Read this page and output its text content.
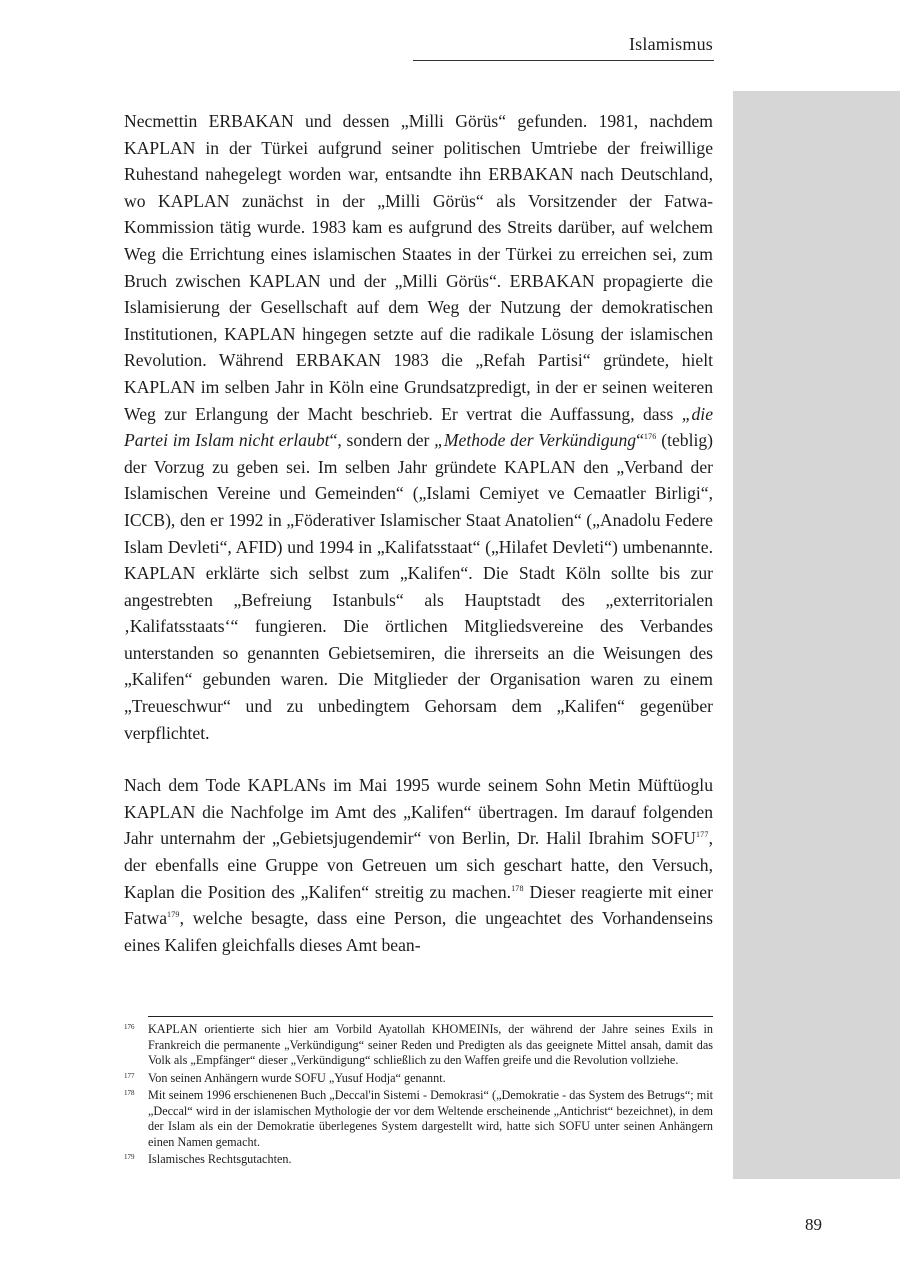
Islamismus

Necmettin ERBAKAN und dessen „Milli Görüs“ gefunden. 1981, nachdem KAPLAN in der Türkei aufgrund seiner politischen Umtriebe der freiwillige Ruhestand nahegelegt worden war, entsandte ihn ERBAKAN nach Deutschland, wo KAPLAN zunächst in der „Milli Görüs“ als Vorsitzender der Fatwa-Kommission tätig wurde. 1983 kam es aufgrund des Streits darüber, auf welchem Weg die Errichtung eines islamischen Staates in der Türkei zu erreichen sei, zum Bruch zwischen KAPLAN und der „Milli Görüs“. ERBAKAN propagierte die Islamisierung der Gesellschaft auf dem Weg der Nutzung der demokratischen Institutionen, KAPLAN hingegen setzte auf die radikale Lösung der islamischen Revolution. Während ERBAKAN 1983 die „Refah Partisi“ gründete, hielt KAPLAN im selben Jahr in Köln eine Grundsatzpredigt, in der er seinen weiteren Weg zur Erlangung der Macht beschrieb. Er vertrat die Auffassung, dass „die Partei im Islam nicht erlaubt“, sondern der „Methode der Verkündigung“$^{176}$ (teblig) der Vorzug zu geben sei. Im selben Jahr gründete KAPLAN den „Verband der Islamischen Vereine und Gemeinden“ („Islami Cemiyet ve Cemaatler Birligi“, ICCB), den er 1992 in „Föderativer Islamischer Staat Anatolien“ („Anadolu Federe Islam Devleti“, AFID) und 1994 in „Kalifatsstaat“ („Hilafet Devleti“) umbenannte. KAPLAN erklärte sich selbst zum „Kalifen“. Die Stadt Köln sollte bis zur angestrebten „Befreiung Istanbuls“ als Hauptstadt des „exterritorialen ‚Kalifatsstaats‘“ fungieren. Die örtlichen Mitgliedsvereine des Verbandes unterstanden so genannten Gebietsemiren, die ihrerseits an die Weisungen des „Kalifen“ gebunden waren. Die Mitglieder der Organisation waren zu einem „Treueschwur“ und zu unbedingtem Gehorsam dem „Kalifen“ gegenüber verpflichtet.

Nach dem Tode KAPLANs im Mai 1995 wurde seinem Sohn Metin Müftüoglu KAPLAN die Nachfolge im Amt des „Kalifen“ übertragen. Im darauf folgenden Jahr unternahm der „Gebietsjugendemir“ von Berlin, Dr. Halil Ibrahim SOFU$^{177}$, der ebenfalls eine Gruppe von Getreuen um sich geschart hatte, den Versuch, Kaplan die Position des „Kalifen“ streitig zu machen.$^{178}$ Dieser reagierte mit einer Fatwa$^{179}$, welche besagte, dass eine Person, die ungeachtet des Vorhandenseins eines Kalifen gleichfalls dieses Amt bean-

176 KAPLAN orientierte sich hier am Vorbild Ayatollah KHOMEINIs, der während der Jahre seines Exils in Frankreich die permanente „Verkündigung“ seiner Reden und Predigten als das geeignete Mittel ansah, damit das Volk als „Empfänger“ dieser „Verkündigung“ schließlich zu den Waffen greife und die Revolution vollziehe.
177 Von seinen Anhängern wurde SOFU „Yusuf Hodja“ genannt.
178 Mit seinem 1996 erschienenen Buch „Deccal'in Sistemi - Demokrasi“ („Demokratie - das System des Betrugs“; mit „Deccal“ wird in der islamischen Mythologie der vor dem Weltende erscheinende „Antichrist“ bezeichnet), in dem der Islam als ein der Demokratie überlegenes System dargestellt wird, hatte sich SOFU unter seinen Anhängern einen Namen gemacht.
179 Islamisches Rechtsgutachten.
89
